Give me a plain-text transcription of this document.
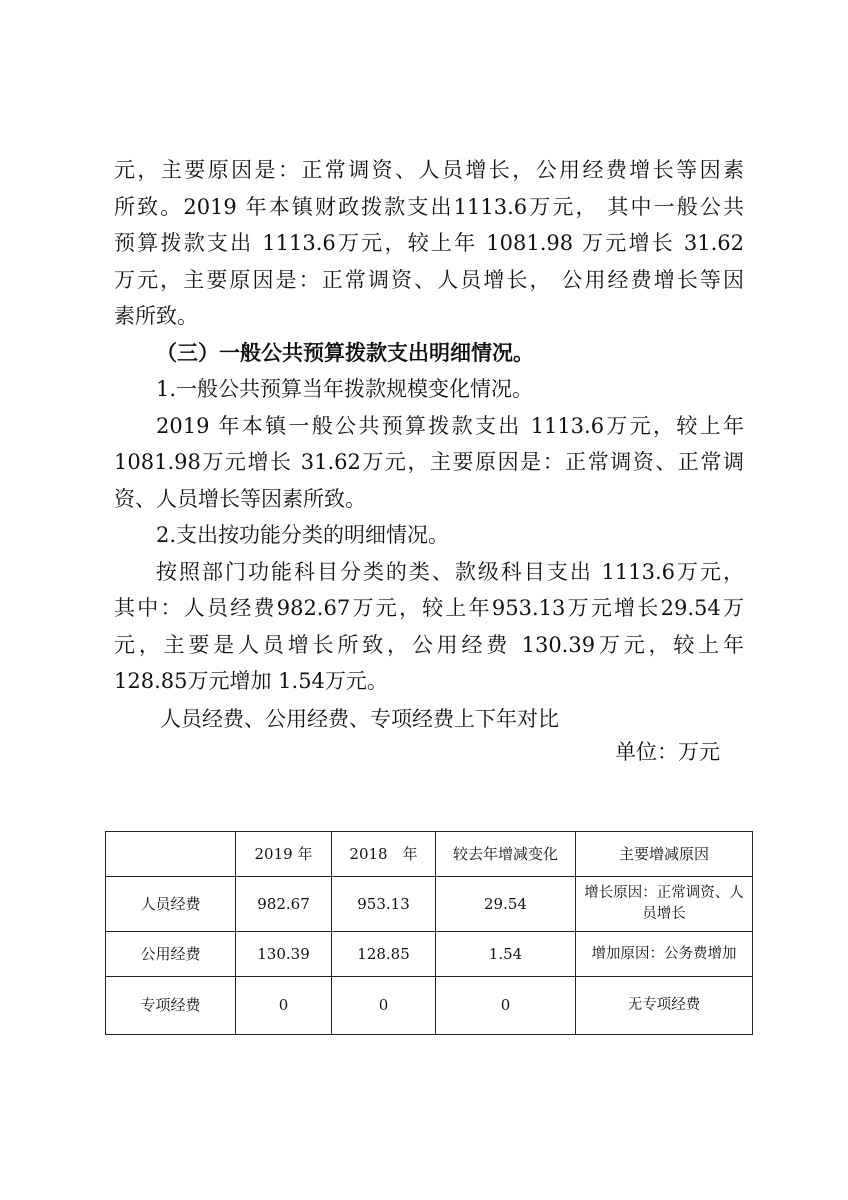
元，主要原因是：正常调资、人员增长，公用经费增长等因素
所致。2019 年本镇财政拨款支出1113.6万元， 其中一般公共
预算拨款支出 1113.6万元，较上年 1081.98 万元增长 31.62
万元，主要原因是：正常调资、人员增长， 公用经费增长等因
素所致。
（三）一般公共预算拨款支出明细情况。
1.一般公共预算当年拨款规模变化情况。
2019 年本镇一般公共预算拨款支出 1113.6万元，较上年
1081.98万元增长 31.62万元，主要原因是：正常调资、正常调
资、人员增长等因素所致。
2.支出按功能分类的明细情况。
按照部门功能科目分类的类、款级科目支出 1113.6万元，
其中：人员经费982.67万元，较上年953.13万元增长29.54万
元，主要是人员增长所致，公用经费 130.39万元，较上年
128.85万元增加 1.54万元。
人员经费、公用经费、专项经费上下年对比
单位：万元
	2019 年	2018　年	较去年增减变化	主要增减原因
人员经费	982.67	953.13	29.54	增长原因：正常调资、人员增长
公用经费	130.39	128.85	1.54	增加原因：公务费增加
专项经费	0	0	0	无专项经费
